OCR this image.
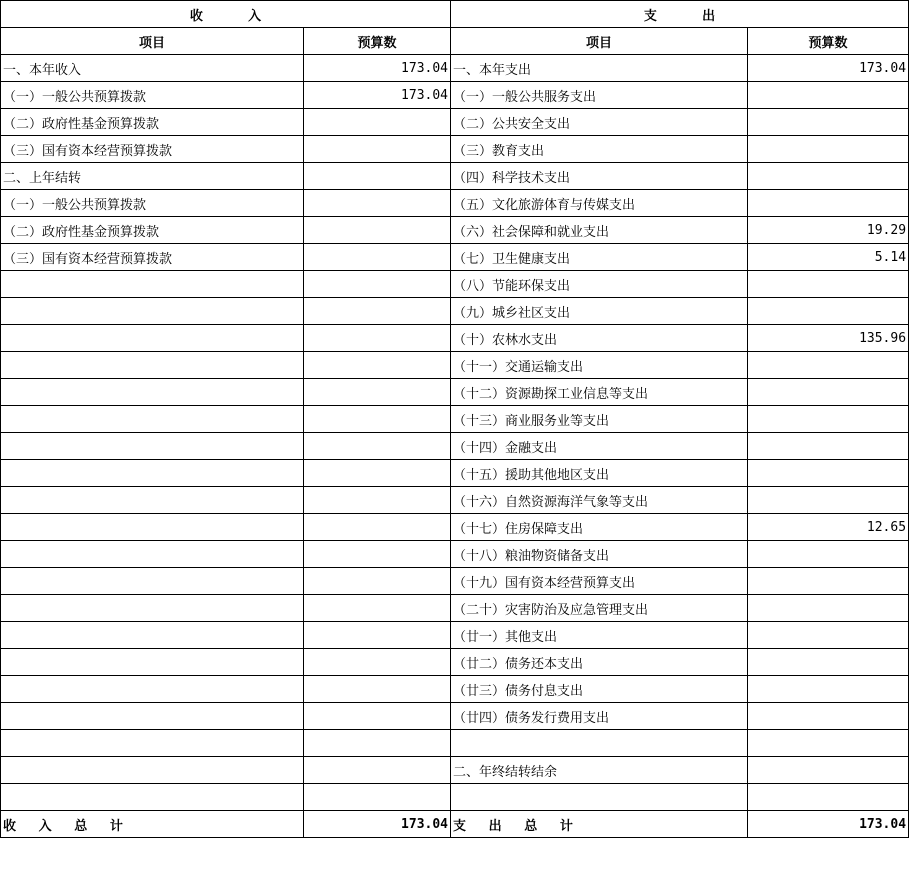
收          入		支          出	
项目	预算数	项目	预算数
一、本年收入	173.04	一、本年支出	173.04
（一）一般公共预算拨款	173.04	（一）一般公共服务支出	
（二）政府性基金预算拨款		（二）公共安全支出	
（三）国有资本经营预算拨款		（三）教育支出	
二、上年结转		（四）科学技术支出	
（一）一般公共预算拨款		（五）文化旅游体育与传媒支出	
（二）政府性基金预算拨款		（六）社会保障和就业支出	19.29
（三）国有资本经营预算拨款		（七）卫生健康支出	5.14
		（八）节能环保支出	
		（九）城乡社区支出	
		（十）农林水支出	135.96
		（十一）交通运输支出	
		（十二）资源勘探工业信息等支出	
		（十三）商业服务业等支出	
		（十四）金融支出	
		（十五）援助其他地区支出	
		（十六）自然资源海洋气象等支出	
		（十七）住房保障支出	12.65
		（十八）粮油物资储备支出	
		（十九）国有资本经营预算支出	
		（二十）灾害防治及应急管理支出	
		（廿一）其他支出	
		（廿二）债务还本支出	
		（廿三）债务付息支出	
		（廿四）债务发行费用支出	

		二、年终结转结余	

收     入     总     计	173.04	支     出     总     计	173.04
